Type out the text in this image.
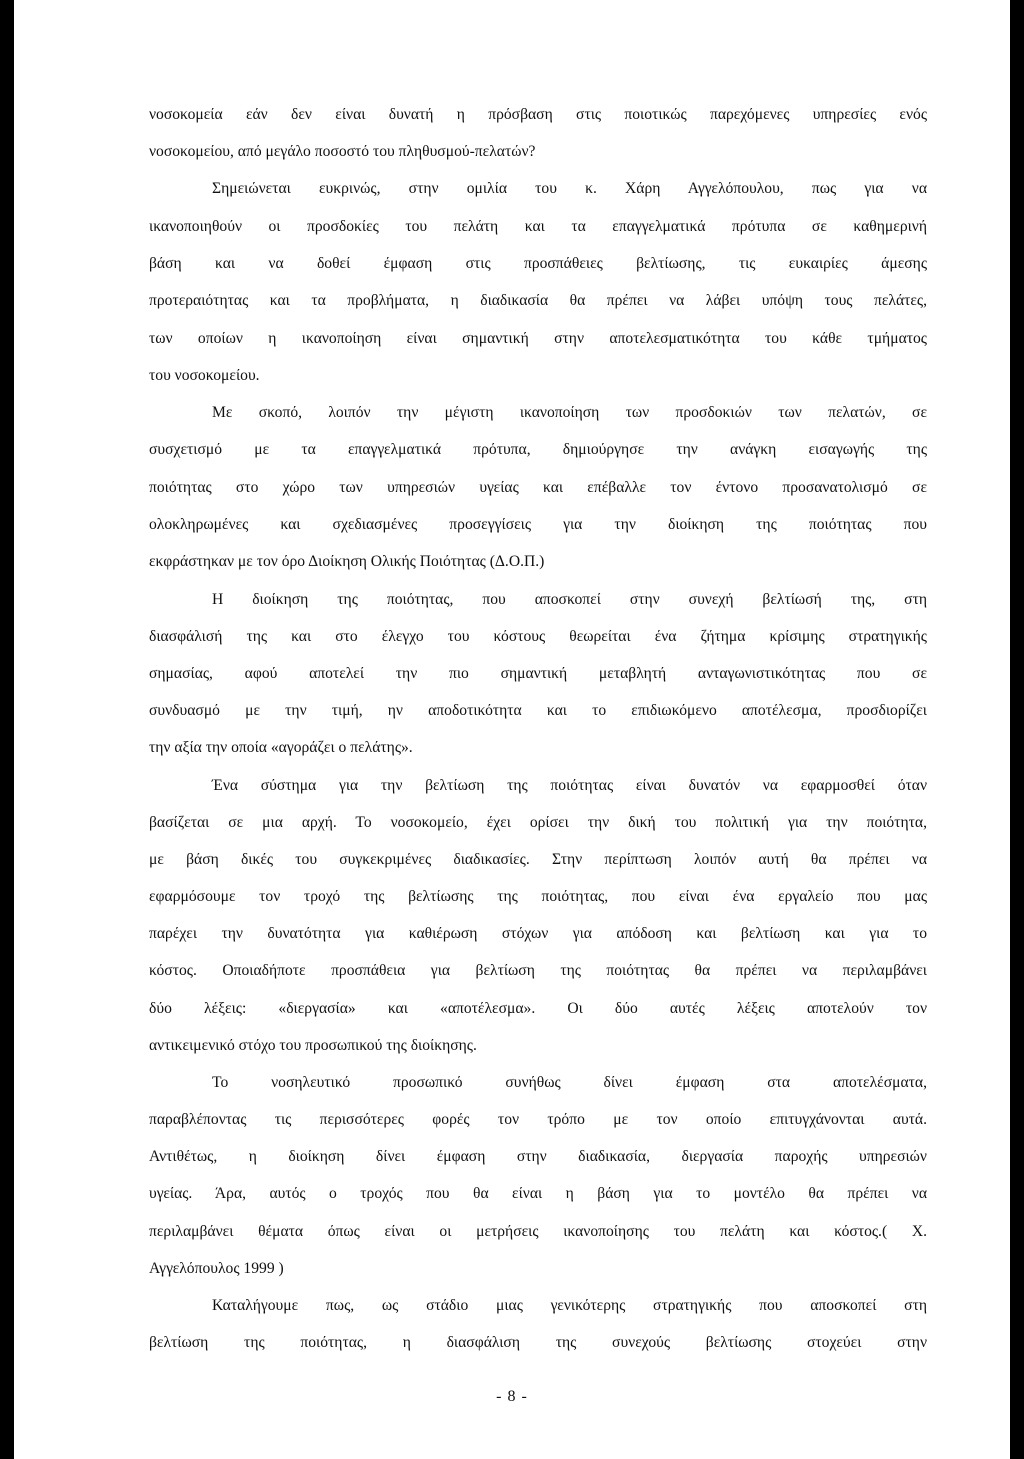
νοσοκομεία εάν δεν είναι δυνατή η πρόσβαση στις ποιοτικώς παρεχόμενες υπηρεσίες ενός
νοσοκομείου, από μεγάλο ποσοστό του πληθυσμού-πελατών?
Σημειώνεται ευκρινώς, στην ομιλία του κ. Χάρη Αγγελόπουλου, πως για να
ικανοποιηθούν οι προσδοκίες του πελάτη και τα επαγγελματικά πρότυπα σε καθημερινή
βάση και να δοθεί έμφαση στις προσπάθειες βελτίωσης, τις ευκαιρίες άμεσης
προτεραιότητας και τα προβλήματα, η διαδικασία θα πρέπει να λάβει υπόψη τους πελάτες,
των οποίων η ικανοποίηση είναι σημαντική στην αποτελεσματικότητα του κάθε τμήματος
του νοσοκομείου.
Με σκοπό, λοιπόν την μέγιστη ικανοποίηση των προσδοκιών των πελατών, σε
συσχετισμό με τα επαγγελματικά πρότυπα, δημιούργησε την ανάγκη εισαγωγής της
ποιότητας στο χώρο των υπηρεσιών υγείας και επέβαλλε τον έντονο προσανατολισμό σε
ολοκληρωμένες και σχεδιασμένες προσεγγίσεις για την διοίκηση της ποιότητας που
εκφράστηκαν με τον όρο Διοίκηση Ολικής Ποιότητας (Δ.Ο.Π.)
Η διοίκηση της ποιότητας, που αποσκοπεί στην συνεχή βελτίωσή της, στη
διασφάλισή της και στο έλεγχο του κόστους θεωρείται ένα ζήτημα κρίσιμης στρατηγικής
σημασίας, αφού αποτελεί την πιο σημαντική μεταβλητή ανταγωνιστικότητας που σε
συνδυασμό με την τιμή, ην αποδοτικότητα και το επιδιωκόμενο αποτέλεσμα, προσδιορίζει
την αξία την οποία «αγοράζει ο πελάτης».
Ένα σύστημα για την βελτίωση της ποιότητας είναι δυνατόν να εφαρμοσθεί όταν
βασίζεται σε μια αρχή. Το νοσοκομείο, έχει ορίσει την δική του πολιτική για την ποιότητα,
με βάση δικές του συγκεκριμένες διαδικασίες. Στην περίπτωση λοιπόν αυτή θα πρέπει να
εφαρμόσουμε τον τροχό της βελτίωσης της ποιότητας, που είναι ένα εργαλείο που μας
παρέχει την δυνατότητα για καθιέρωση στόχων για απόδοση και βελτίωση και για το
κόστος. Οποιαδήποτε προσπάθεια για βελτίωση της ποιότητας θα πρέπει να περιλαμβάνει
δύο λέξεις: «διεργασία» και «αποτέλεσμα». Οι δύο αυτές λέξεις αποτελούν τον
αντικειμενικό στόχο του προσωπικού της διοίκησης.
Το νοσηλευτικό προσωπικό συνήθως δίνει έμφαση στα αποτελέσματα,
παραβλέποντας τις περισσότερες φορές τον τρόπο με τον οποίο επιτυγχάνονται αυτά.
Αντιθέτως, η διοίκηση δίνει έμφαση στην διαδικασία, διεργασία παροχής υπηρεσιών
υγείας. Άρα, αυτός ο τροχός που θα είναι η βάση για το μοντέλο θα πρέπει να
περιλαμβάνει θέματα όπως είναι οι μετρήσεις ικανοποίησης του πελάτη και κόστος.( Χ.
Αγγελόπουλος 1999 )
Καταλήγουμε πως, ως στάδιο μιας γενικότερης στρατηγικής που αποσκοπεί στη
βελτίωση της ποιότητας, η διασφάλιση της συνεχούς βελτίωσης στοχεύει στην
- 8 -
